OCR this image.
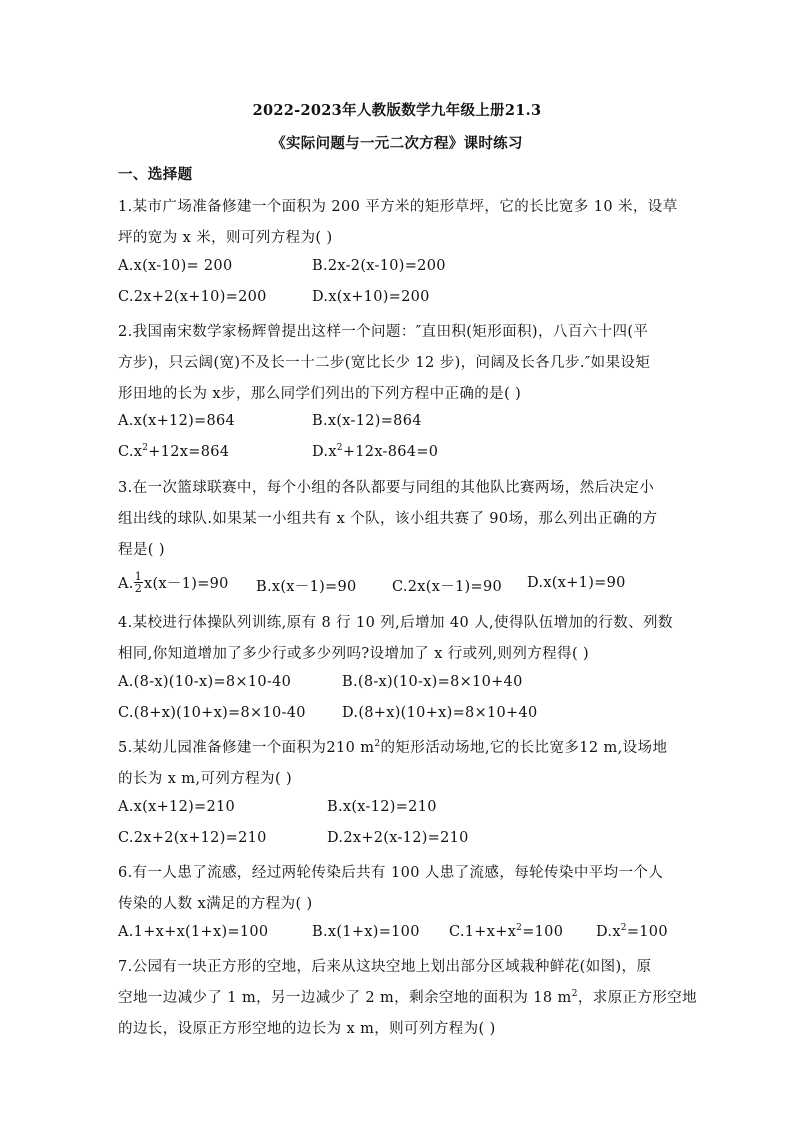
2022-2023年人教版数学九年级上册21.3
《实际问题与一元二次方程》课时练习
一、选择题
1.某市广场准备修建一个面积为 200 平方米的矩形草坪，它的长比宽多 10 米，设草
坪的宽为 x 米，则可列方程为( )
A.x(x-10)= 200	B.2x-2(x-10)=200
C.2x+2(x+10)=200	D.x(x+10)=200
2.我国南宋数学家杨辉曾提出这样一个问题：″直田积(矩形面积)，八百六十四(平
方步)，只云阔(宽)不及长一十二步(宽比长少 12 步)，问阔及长各几步.″如果设矩
形田地的长为 x步，那么同学们列出的下列方程中正确的是( )
A.x(x+12)=864	B.x(x-12)=864
$C.x^2+12x=864$	$D.x^2+12x-864=0$
3.在一次篮球联赛中，每个小组的各队都要与同组的其他队比赛两场，然后决定小
组出线的球队.如果某一小组共有 x 个队，该小组共赛了 90场，那么列出正确的方
程是( )
A. $\frac{1}{2} x(x-1)=90$ B.x(x－1)=90 C.2x(x－1)=90 D.x(x+1)=90
4.某校进行体操队列训练,原有 8 行 10 列,后增加 40 人,使得队伍增加的行数、列数
相同,你知道增加了多少行或多少列吗?设增加了 x 行或列,则列方程得( )
A.(8-x)(10-x)=8×10-40	B.(8-x)(10-x)=8×10+40
C.(8+x)(10+x)=8×10-40 D.(8+x)(10+x)=8×10+40
5.某幼儿园准备修建一个面积为210 $m^2$的矩形活动场地,它的长比宽多12 m,设场地
的长为 x m,可列方程为( )
A.x(x+12)=210	B.x(x-12)=210
C.2x+2(x+12)=210	D.2x+2(x-12)=210
6.有一人患了流感，经过两轮传染后共有 100 人患了流感，每轮传染中平均一个人
传染的人数 x满足的方程为( )
A.1+x+x(1+x)=100	B.x(1+x)=100 $C.1+x+x^2=100$ $D.x^2=100$
7.公园有一块正方形的空地，后来从这块空地上划出部分区域栽种鲜花(如图)，原
空地一边减少了 1 m，另一边减少了 2 m，剩余空地的面积为 18 $m^2$，求原正方形空地
的边长，设原正方形空地的边长为 x m，则可列方程为( )
